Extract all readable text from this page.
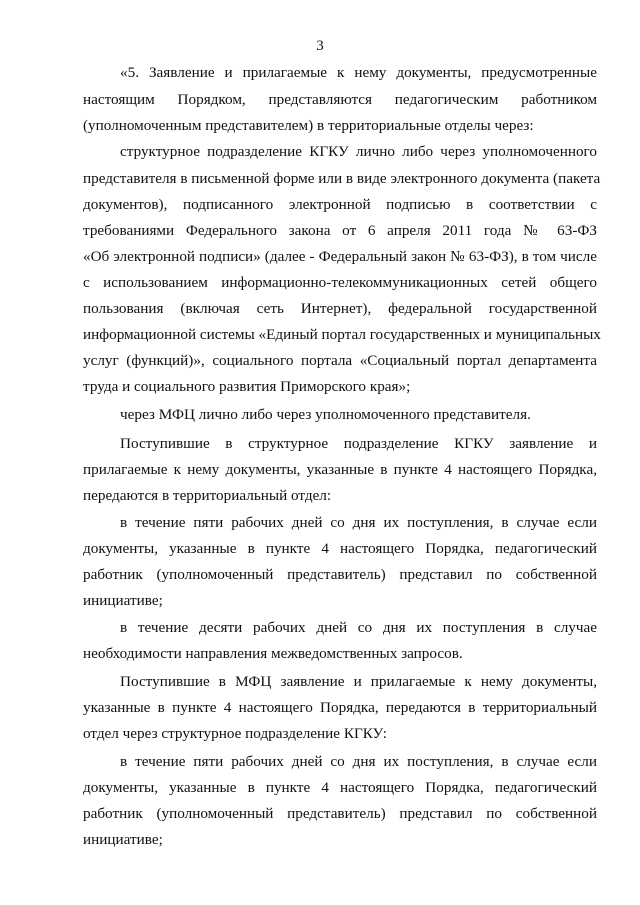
3
«5. Заявление и прилагаемые к нему документы, предусмотренные
настоящим Порядком, представляются педагогическим работником
(уполномоченным представителем) в территориальные отделы через:
структурное подразделение КГКУ лично либо через уполномоченного
представителя в письменной форме или в виде электронного документа (пакета
документов), подписанного электронной подписью в соответствии с
требованиями Федерального закона от 6 апреля 2011 года № 63-ФЗ
«Об электронной подписи» (далее - Федеральный закон № 63-ФЗ), в том числе
с использованием информационно-телекоммуникационных сетей общего
пользования (включая сеть Интернет), федеральной государственной
информационной системы «Единый портал государственных и муниципальных
услуг (функций)», социального портала «Социальный портал департамента
труда и социального развития Приморского края»;
через МФЦ лично либо через уполномоченного представителя.
Поступившие в структурное подразделение КГКУ заявление и
прилагаемые к нему документы, указанные в пункте 4 настоящего Порядка,
передаются в территориальный отдел:
в течение пяти рабочих дней со дня их поступления, в случае если
документы, указанные в пункте 4 настоящего Порядка, педагогический
работник (уполномоченный представитель) представил по собственной
инициативе;
в течение десяти рабочих дней со дня их поступления в случае
необходимости направления межведомственных запросов.
Поступившие в МФЦ заявление и прилагаемые к нему документы,
указанные в пункте 4 настоящего Порядка, передаются в территориальный
отдел через структурное подразделение КГКУ:
в течение пяти рабочих дней со дня их поступления, в случае если
документы, указанные в пункте 4 настоящего Порядка, педагогический
работник (уполномоченный представитель) представил по собственной
инициативе;
